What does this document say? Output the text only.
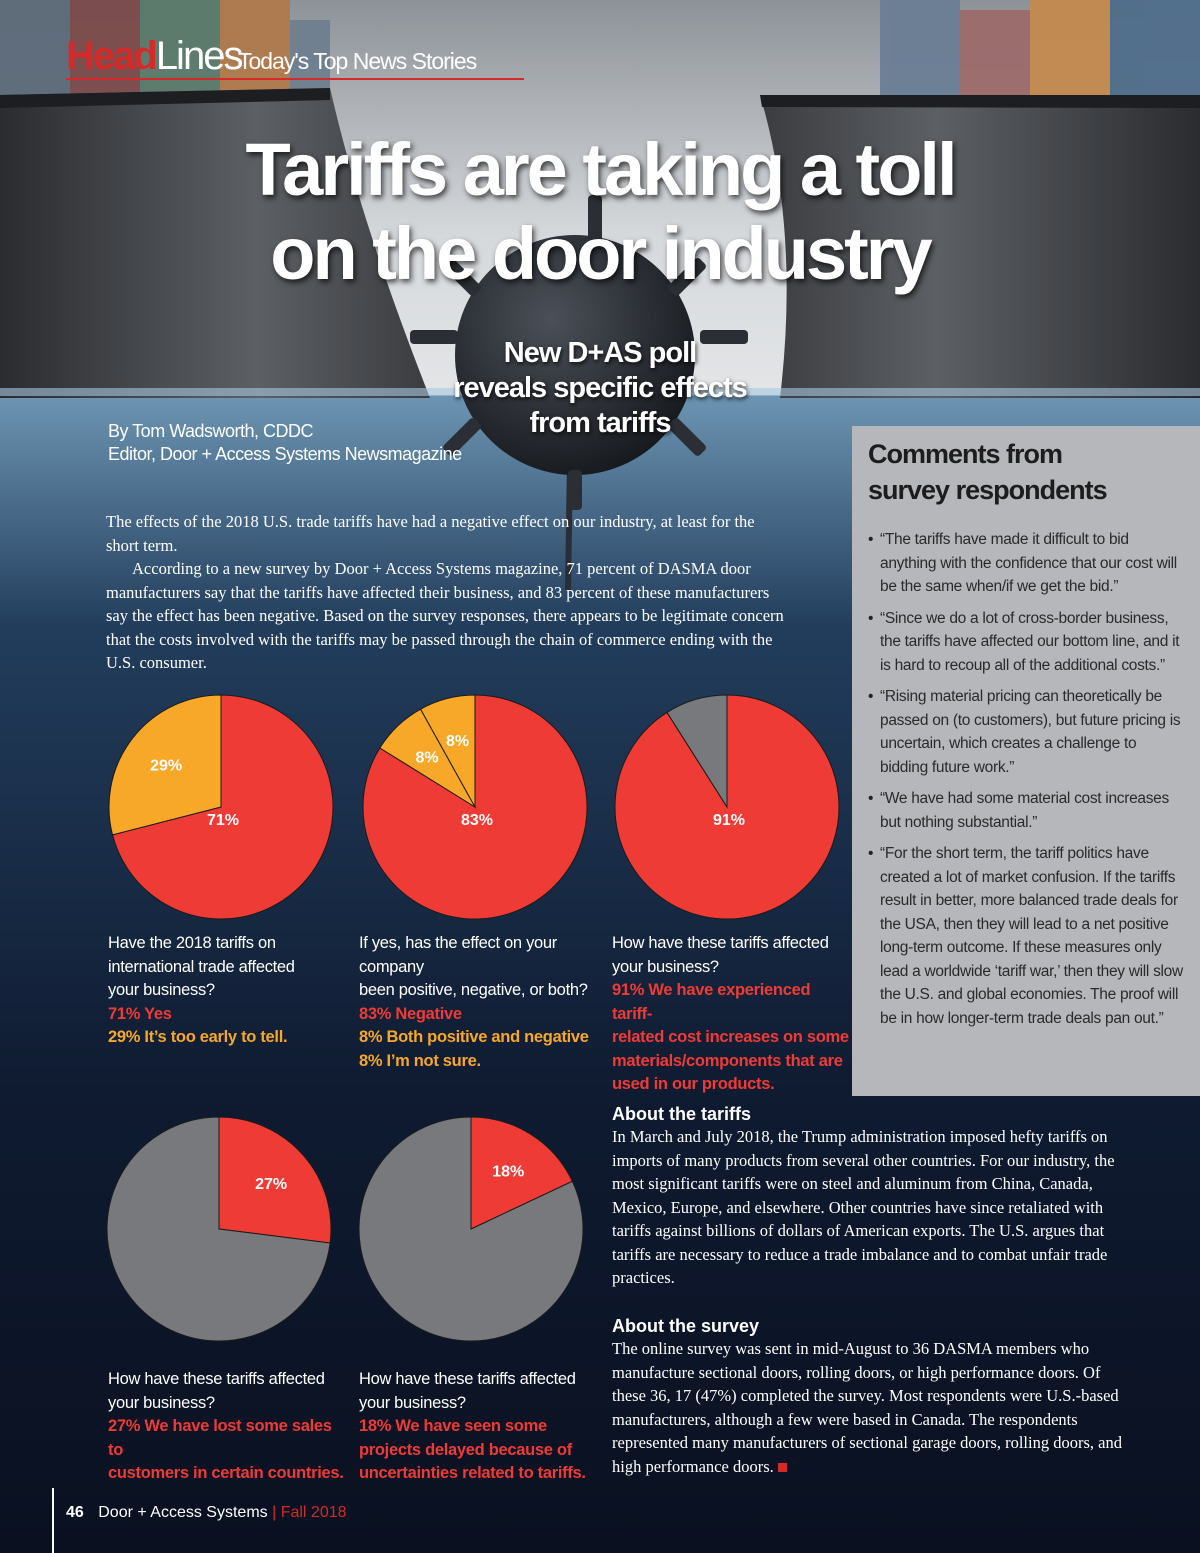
HeadLines
Today's Top News Stories
Tariffs are taking a toll
on the door industry
New D+AS poll
reveals specific effects
from tariffs
By Tom Wadsworth, CDDC
Editor, Door + Access Systems Newsmagazine

The effects of the 2018 U.S. trade tariffs have had a negative effect on our industry, at least for the short term.

According to a new survey by Door + Access Systems magazine, 71 percent of DASMA door manufacturers say that the tariffs have affected their business, and 83 percent of these manufacturers say the effect has been negative. Based on the survey responses, there appears to be legitimate concern that the costs involved with the tariffs may be passed through the chain of commerce ending with the U.S. consumer.

Comments from
survey respondents
• “The tariffs have made it difficult to bid anything with the confidence that our cost will be the same when/if we get the bid.”
• “Since we do a lot of cross-border business, the tariffs have affected our bottom line, and it is hard to recoup all of the additional costs.”
• “Rising material pricing can theoretically be passed on (to customers), but future pricing is uncertain, which creates a challenge to bidding future work.”
• “We have had some material cost increases but nothing substantial.”
• “For the short term, the tariff politics have created a lot of market confusion. If the tariffs result in better, more balanced trade deals for the USA, then they will lead to a net positive long-term outcome. If these measures only lead a worldwide ‘tariff war,’ then they will slow the U.S. and global economies. The proof will be in how longer-term trade deals pan out.”
71%
29%
83%
8%
8%
91%
27%
18%
Have the 2018 tariffs on
international trade affected
your business?
71% Yes
29% It’s too early to tell.
If yes, has the effect on your company
been positive, negative, or both?
83% Negative
8% Both positive and negative
8% I’m not sure.
How have these tariffs affected
your business?
91% We have experienced tariff-
related cost increases on some
materials/components that are
used in our products.
How have these tariffs affected
your business?
27% We have lost some sales to
customers in certain countries.
How have these tariffs affected
your business?
18% We have seen some
projects delayed because of
uncertainties related to tariffs.
About the tariffs
In March and July 2018, the Trump administration imposed hefty tariffs on imports of many products from several other countries. For our industry, the most significant tariffs were on steel and aluminum from China, Canada, Mexico, Europe, and elsewhere. Other countries have since retaliated with tariffs against billions of dollars of American exports. The U.S. argues that tariffs are necessary to reduce a trade imbalance and to combat unfair trade practices.
About the survey
The online survey was sent in mid-August to 36 DASMA members who manufacture sectional doors, rolling doors, or high performance doors. Of these 36, 17 (47%) completed the survey. Most respondents were U.S.-based manufacturers, although a few were based in Canada. The respondents represented many manufacturers of sectional garage doors, rolling doors, and high performance doors.
46 Door + Access Systems | Fall 2018
